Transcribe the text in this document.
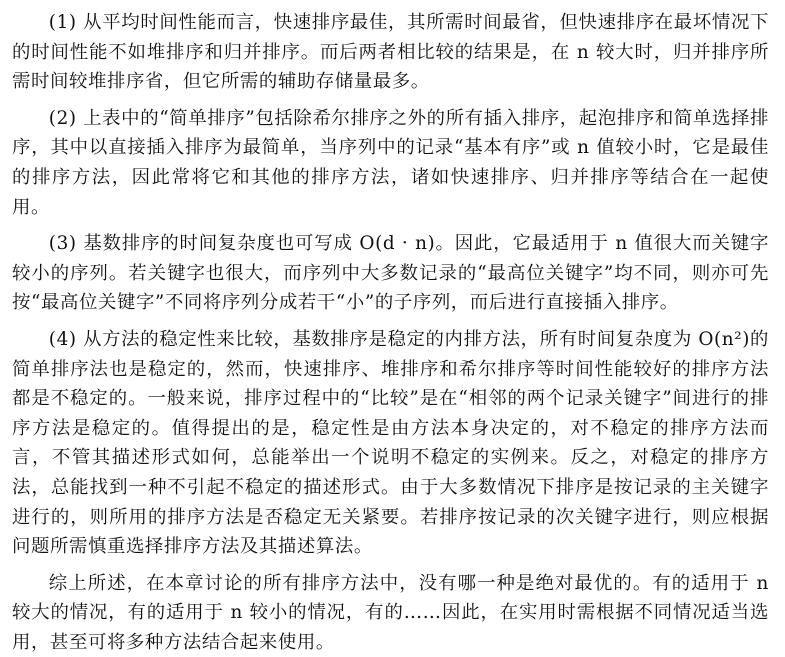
(1) 从平均时间性能而言，快速排序最佳，其所需时间最省，但快速排序在最坏情况下的时间性能不如堆排序和归并排序。而后两者相比较的结果是，在 n 较大时，归并排序所需时间较堆排序省，但它所需的辅助存储量最多。

(2) 上表中的“简单排序”包括除希尔排序之外的所有插入排序，起泡排序和简单选择排序，其中以直接插入排序为最简单，当序列中的记录“基本有序”或 n 值较小时，它是最佳的排序方法，因此常将它和其他的排序方法，诸如快速排序、归并排序等结合在一起使用。

(3) 基数排序的时间复杂度也可写成 O(d · n)。因此，它最适用于 n 值很大而关键字较小的序列。若关键字也很大，而序列中大多数记录的“最高位关键字”均不同，则亦可先按“最高位关键字”不同将序列分成若干“小”的子序列，而后进行直接插入排序。

(4) 从方法的稳定性来比较，基数排序是稳定的内排方法，所有时间复杂度为 O(n²)的简单排序法也是稳定的，然而，快速排序、堆排序和希尔排序等时间性能较好的排序方法都是不稳定的。一般来说，排序过程中的“比较”是在“相邻的两个记录关键字”间进行的排序方法是稳定的。值得提出的是，稳定性是由方法本身决定的，对不稳定的排序方法而言，不管其描述形式如何，总能举出一个说明不稳定的实例来。反之，对稳定的排序方法，总能找到一种不引起不稳定的描述形式。由于大多数情况下排序是按记录的主关键字进行的，则所用的排序方法是否稳定无关紧要。若排序按记录的次关键字进行，则应根据问题所需慎重选择排序方法及其描述算法。

综上所述，在本章讨论的所有排序方法中，没有哪一种是绝对最优的。有的适用于 n 较大的情况，有的适用于 n 较小的情况，有的……因此，在实用时需根据不同情况适当选用，甚至可将多种方法结合起来使用。
